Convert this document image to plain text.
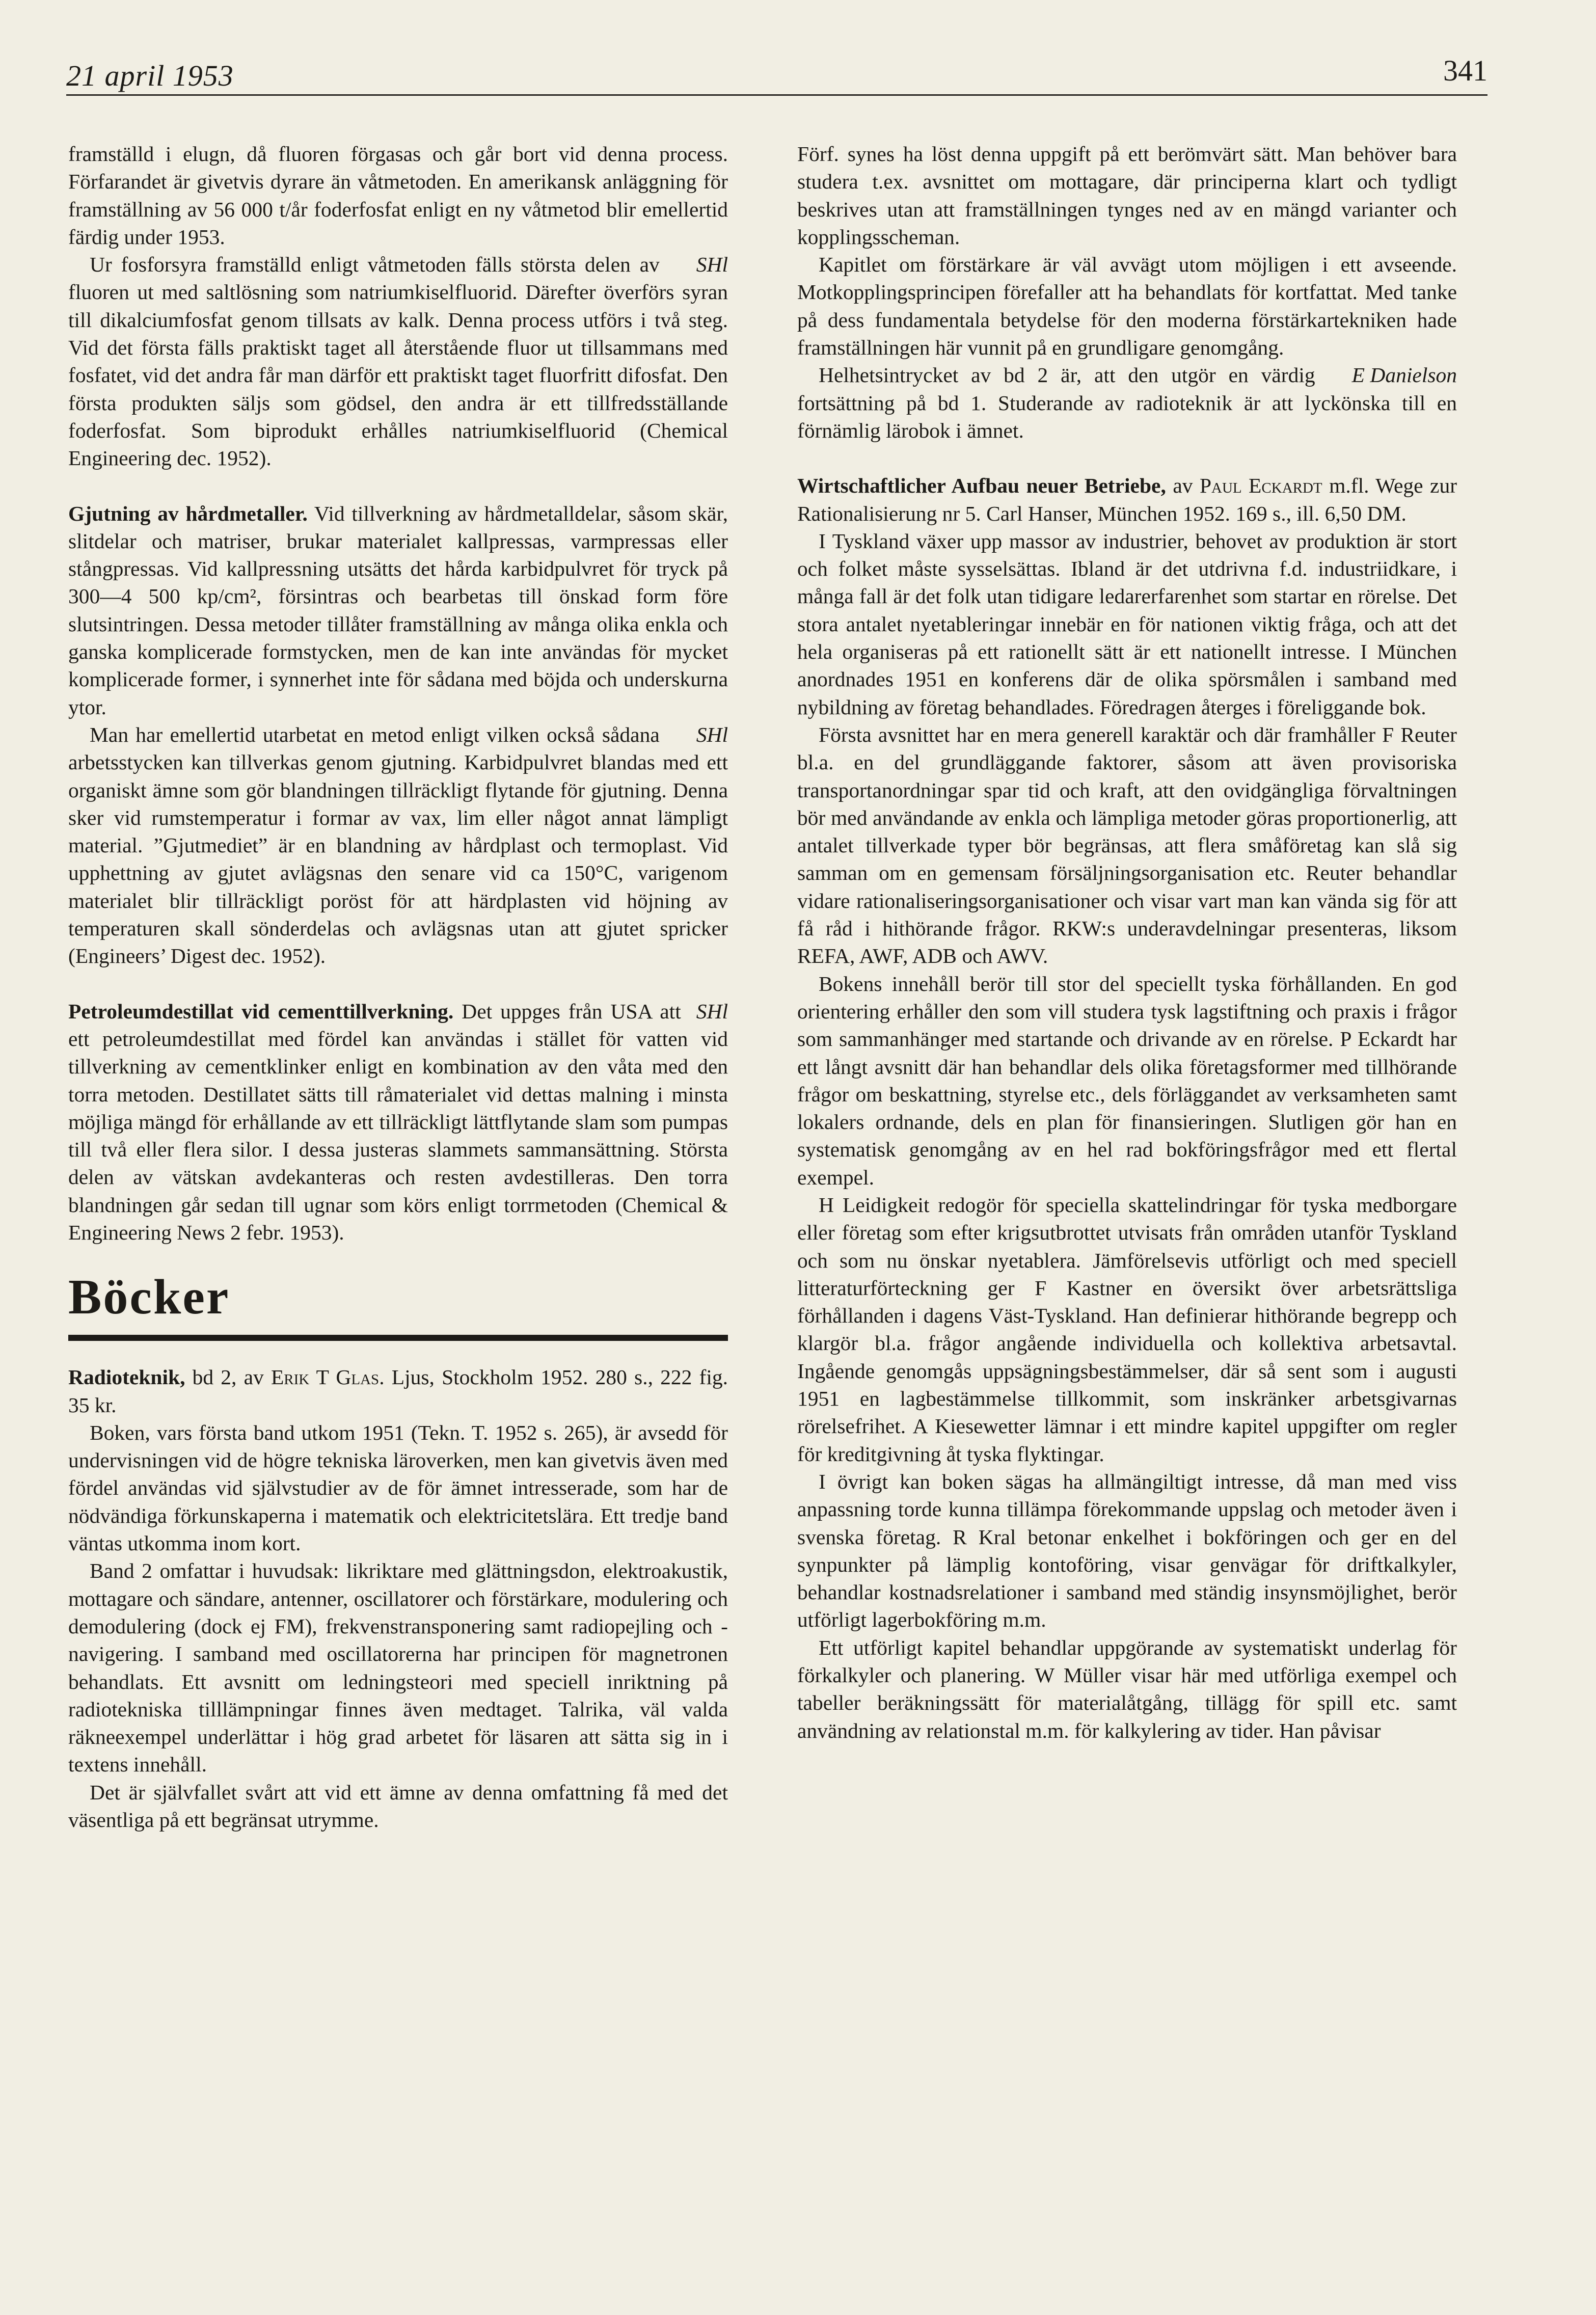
21 april 1953	341

framställd i elugn, då fluoren förgasas och går bort vid denna process. Förfarandet är givetvis dyrare än våtmetoden. En amerikansk anläggning för framställning av 56 000 t/år foderfosfat enligt en ny våtmetod blir emellertid färdig under 1953.

SHl
Ur fosforsyra framställd enligt våtmetoden fälls största delen av fluoren ut med saltlösning som natriumkiselfluorid. Därefter överförs syran till dikalciumfosfat genom tillsats av kalk. Denna process utförs i två steg. Vid det första fälls praktiskt taget all återstående fluor ut tillsammans med fosfatet, vid det andra får man därför ett praktiskt taget fluorfritt difosfat. Den första produkten säljs som gödsel, den andra är ett tillfredsställande foderfosfat. Som biprodukt erhålles natriumkiselfluorid (Chemical Engineering dec. 1952).

Gjutning av hårdmetaller. Vid tillverkning av hårdmetalldelar, såsom skär, slitdelar och matriser, brukar materialet kallpressas, varmpressas eller stångpressas. Vid kallpressning utsätts det hårda karbidpulvret för tryck på 300—4 500 kp/cm², försintras och bearbetas till önskad form före slutsintringen. Dessa metoder tillåter framställning av många olika enkla och ganska komplicerade formstycken, men de kan inte användas för mycket komplicerade former, i synnerhet inte för sådana med böjda och underskurna ytor.

SHl
Man har emellertid utarbetat en metod enligt vilken också sådana arbetsstycken kan tillverkas genom gjutning. Karbidpulvret blandas med ett organiskt ämne som gör blandningen tillräckligt flytande för gjutning. Denna sker vid rumstemperatur i formar av vax, lim eller något annat lämpligt material. ”Gjutmediet” är en blandning av hårdplast och termoplast. Vid upphettning av gjutet avlägsnas den senare vid ca 150°C, varigenom materialet blir tillräckligt poröst för att härdplasten vid höjning av temperaturen skall sönderdelas och avlägsnas utan att gjutet spricker (Engineers’ Digest dec. 1952).

SHl
Petroleumdestillat vid cementtillverkning. Det uppges från USA att ett petroleumdestillat med fördel kan användas i stället för vatten vid tillverkning av cementklinker enligt en kombination av den våta med den torra metoden. Destillatet sätts till råmaterialet vid dettas malning i minsta möjliga mängd för erhållande av ett tillräckligt lättflytande slam som pumpas till två eller flera silor. I dessa justeras slammets sammansättning. Största delen av vätskan avdekanteras och resten avdestilleras. Den torra blandningen går sedan till ugnar som körs enligt torrmetoden (Chemical & Engineering News 2 febr. 1953).

Böcker

Radioteknik, bd 2, av Erik T Glas. Ljus, Stockholm 1952. 280 s., 222 fig. 35 kr.

Boken, vars första band utkom 1951 (Tekn. T. 1952 s. 265), är avsedd för undervisningen vid de högre tekniska läroverken, men kan givetvis även med fördel användas vid självstudier av de för ämnet intresserade, som har de nödvändiga förkunskaperna i matematik och elektricitetslära. Ett tredje band väntas utkomma inom kort.

Band 2 omfattar i huvudsak: likriktare med glättningsdon, elektroakustik, mottagare och sändare, antenner, oscillatorer och förstärkare, modulering och demodulering (dock ej FM), frekvenstransponering samt radiopejling och -navigering. I samband med oscillatorerna har principen för magnetronen behandlats. Ett avsnitt om ledningsteori med speciell inriktning på radiotekniska tilllämpningar finnes även medtaget. Talrika, väl valda räkneexempel underlättar i hög grad arbetet för läsaren att sätta sig in i textens innehåll.

Det är självfallet svårt att vid ett ämne av denna omfattning få med det väsentliga på ett begränsat utrymme.

Förf. synes ha löst denna uppgift på ett berömvärt sätt. Man behöver bara studera t.ex. avsnittet om mottagare, där principerna klart och tydligt beskrives utan att framställningen tynges ned av en mängd varianter och kopplingsscheman.

Kapitlet om förstärkare är väl avvägt utom möjligen i ett avseende. Motkopplingsprincipen förefaller att ha behandlats för kortfattat. Med tanke på dess fundamentala betydelse för den moderna förstärkartekniken hade framställningen här vunnit på en grundligare genomgång.

E Danielson
Helhetsintrycket av bd 2 är, att den utgör en värdig fortsättning på bd 1. Studerande av radioteknik är att lyckönska till en förnämlig lärobok i ämnet.

Wirtschaftlicher Aufbau neuer Betriebe, av Paul Eckardt m.fl. Wege zur Rationalisierung nr 5. Carl Hanser, München 1952. 169 s., ill. 6,50 DM.

I Tyskland växer upp massor av industrier, behovet av produktion är stort och folket måste sysselsättas. Ibland är det utdrivna f.d. industriidkare, i många fall är det folk utan tidigare ledarerfarenhet som startar en rörelse. Det stora antalet nyetableringar innebär en för nationen viktig fråga, och att det hela organiseras på ett rationellt sätt är ett nationellt intresse. I München anordnades 1951 en konferens där de olika spörsmålen i samband med nybildning av företag behandlades. Föredragen återges i föreliggande bok.

Första avsnittet har en mera generell karaktär och där framhåller F Reuter bl.a. en del grundläggande faktorer, såsom att även provisoriska transportanordningar spar tid och kraft, att den ovidgängliga förvaltningen bör med användande av enkla och lämpliga metoder göras proportionerlig, att antalet tillverkade typer bör begränsas, att flera småföretag kan slå sig samman om en gemensam försäljningsorganisation etc. Reuter behandlar vidare rationaliseringsorganisationer och visar vart man kan vända sig för att få råd i hithörande frågor. RKW:s underavdelningar presenteras, liksom REFA, AWF, ADB och AWV.

Bokens innehåll berör till stor del speciellt tyska förhållanden. En god orientering erhåller den som vill studera tysk lagstiftning och praxis i frågor som sammanhänger med startande och drivande av en rörelse. P Eckardt har ett långt avsnitt där han behandlar dels olika företagsformer med tillhörande frågor om beskattning, styrelse etc., dels förläggandet av verksamheten samt lokalers ordnande, dels en plan för finansieringen. Slutligen gör han en systematisk genomgång av en hel rad bokföringsfrågor med ett flertal exempel.

H Leidigkeit redogör för speciella skattelindringar för tyska medborgare eller företag som efter krigsutbrottet utvisats från områden utanför Tyskland och som nu önskar nyetablera. Jämförelsevis utförligt och med speciell litteraturförteckning ger F Kastner en översikt över arbetsrättsliga förhållanden i dagens Väst-Tyskland. Han definierar hithörande begrepp och klargör bl.a. frågor angående individuella och kollektiva arbetsavtal. Ingående genomgås uppsägningsbestämmelser, där så sent som i augusti 1951 en lagbestämmelse tillkommit, som inskränker arbetsgivarnas rörelsefrihet. A Kiesewetter lämnar i ett mindre kapitel uppgifter om regler för kreditgivning åt tyska flyktingar.

I övrigt kan boken sägas ha allmängiltigt intresse, då man med viss anpassning torde kunna tillämpa förekommande uppslag och metoder även i svenska företag. R Kral betonar enkelhet i bokföringen och ger en del synpunkter på lämplig kontoföring, visar genvägar för driftkalkyler, behandlar kostnadsrelationer i samband med ständig insynsmöjlighet, berör utförligt lagerbokföring m.m.

Ett utförligt kapitel behandlar uppgörande av systematiskt underlag för förkalkyler och planering. W Müller visar här med utförliga exempel och tabeller beräkningssätt för materialåtgång, tillägg för spill etc. samt användning av relationstal m.m. för kalkylering av tider. Han påvisar
